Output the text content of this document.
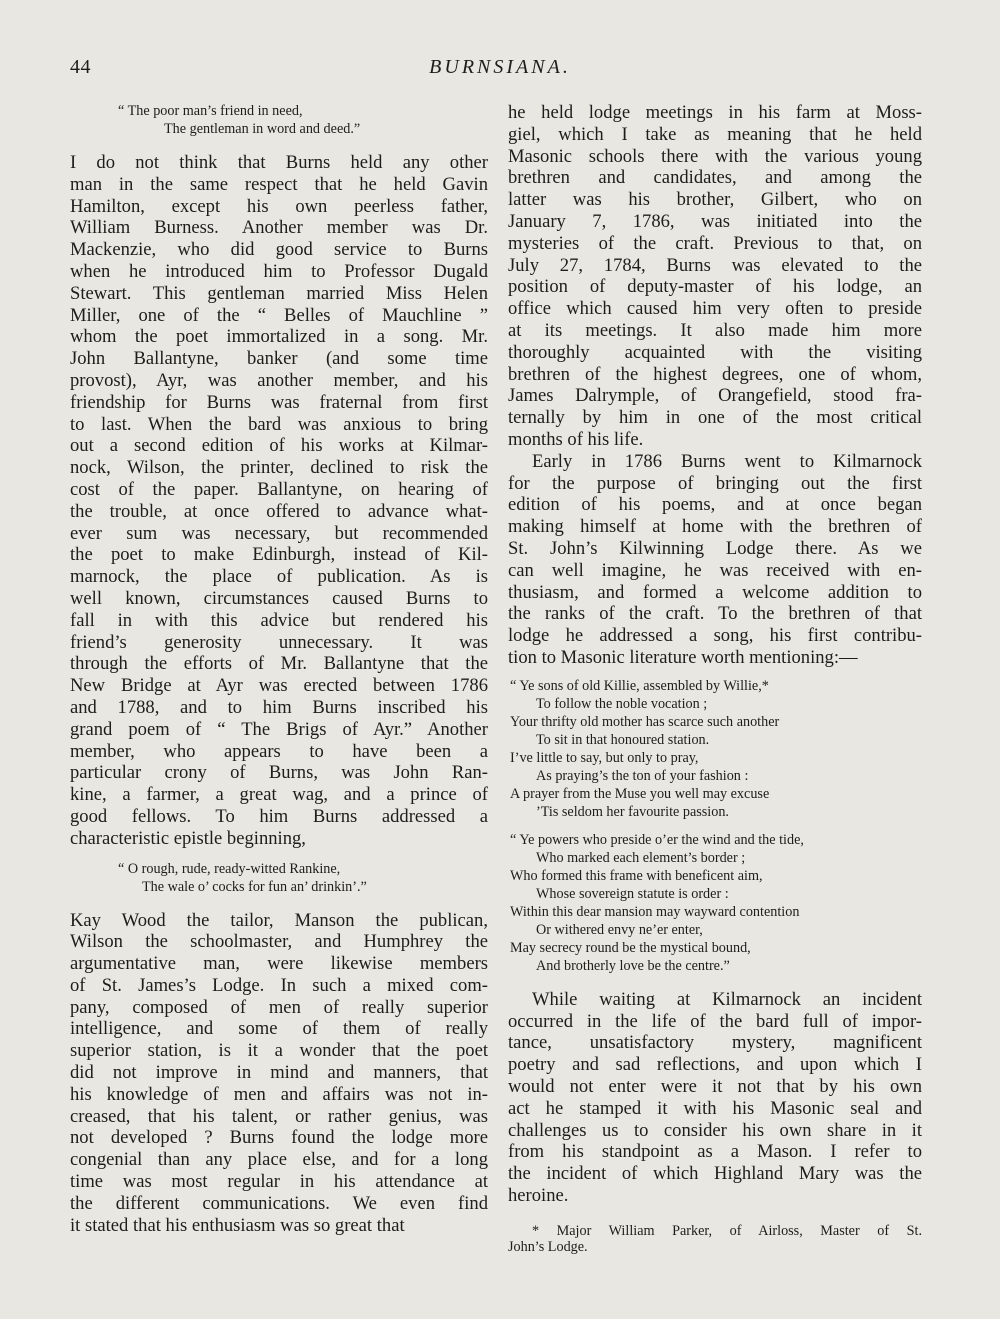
44	BURNSIANA.
“ The poor man’s friend in need,
The gentleman in word and deed.”
I do not think that Burns held any other
man in the same respect that he held Gavin
Hamilton, except his own peerless father,
William Burness. Another member was Dr.
Mackenzie, who did good service to Burns
when he introduced him to Professor Dugald
Stewart. This gentleman married Miss Helen
Miller, one of the “ Belles of Mauchline ”
whom the poet immortalized in a song. Mr.
John Ballantyne, banker (and some time
provost), Ayr, was another member, and his
friendship for Burns was fraternal from first
to last. When the bard was anxious to bring
out a second edition of his works at Kilmar-
nock, Wilson, the printer, declined to risk the
cost of the paper. Ballantyne, on hearing of
the trouble, at once offered to advance what-
ever sum was necessary, but recommended
the poet to make Edinburgh, instead of Kil-
marnock, the place of publication. As is
well known, circumstances caused Burns to
fall in with this advice but rendered his
friend’s generosity unnecessary. It was
through the efforts of Mr. Ballantyne that the
New Bridge at Ayr was erected between 1786
and 1788, and to him Burns inscribed his
grand poem of “ The Brigs of Ayr.” Another
member, who appears to have been a
particular crony of Burns, was John Ran-
kine, a farmer, a great wag, and a prince of
good fellows. To him Burns addressed a
characteristic epistle beginning,
“ O rough, rude, ready-witted Rankine,
The wale o’ cocks for fun an’ drinkin’.”
Kay Wood the tailor, Manson the publican,
Wilson the schoolmaster, and Humphrey the
argumentative man, were likewise members
of St. James’s Lodge. In such a mixed com-
pany, composed of men of really superior
intelligence, and some of them of really
superior station, is it a wonder that the poet
did not improve in mind and manners, that
his knowledge of men and affairs was not in-
creased, that his talent, or rather genius, was
not developed ? Burns found the lodge more
congenial than any place else, and for a long
time was most regular in his attendance at
the different communications. We even find
it stated that his enthusiasm was so great that
he held lodge meetings in his farm at Moss-
giel, which I take as meaning that he held
Masonic schools there with the various young
brethren and candidates, and among the
latter was his brother, Gilbert, who on
January 7, 1786, was initiated into the
mysteries of the craft. Previous to that, on
July 27, 1784, Burns was elevated to the
position of deputy-master of his lodge, an
office which caused him very often to preside
at its meetings. It also made him more
thoroughly acquainted with the visiting
brethren of the highest degrees, one of whom,
James Dalrymple, of Orangefield, stood fra-
ternally by him in one of the most critical
months of his life.
Early in 1786 Burns went to Kilmarnock
for the purpose of bringing out the first
edition of his poems, and at once began
making himself at home with the brethren of
St. John’s Kilwinning Lodge there. As we
can well imagine, he was received with en-
thusiasm, and formed a welcome addition to
the ranks of the craft. To the brethren of that
lodge he addressed a song, his first contribu-
tion to Masonic literature worth mentioning:—
“ Ye sons of old Killie, assembled by Willie,*
To follow the noble vocation ;
Your thrifty old mother has scarce such another
To sit in that honoured station.
I’ve little to say, but only to pray,
As praying’s the ton of your fashion :
A prayer from the Muse you well may excuse
’Tis seldom her favourite passion.
“ Ye powers who preside o’er the wind and the tide,
Who marked each element’s border ;
Who formed this frame with beneficent aim,
Whose sovereign statute is order :
Within this dear mansion may wayward contention
Or withered envy ne’er enter,
May secrecy round be the mystical bound,
And brotherly love be the centre.”
While waiting at Kilmarnock an incident
occurred in the life of the bard full of impor-
tance, unsatisfactory mystery, magnificent
poetry and sad reflections, and upon which I
would not enter were it not that by his own
act he stamped it with his Masonic seal and
challenges us to consider his own share in it
from his standpoint as a Mason. I refer to
the incident of which Highland Mary was the
heroine.
* Major William Parker, of Airloss, Master of St.
John’s Lodge.
